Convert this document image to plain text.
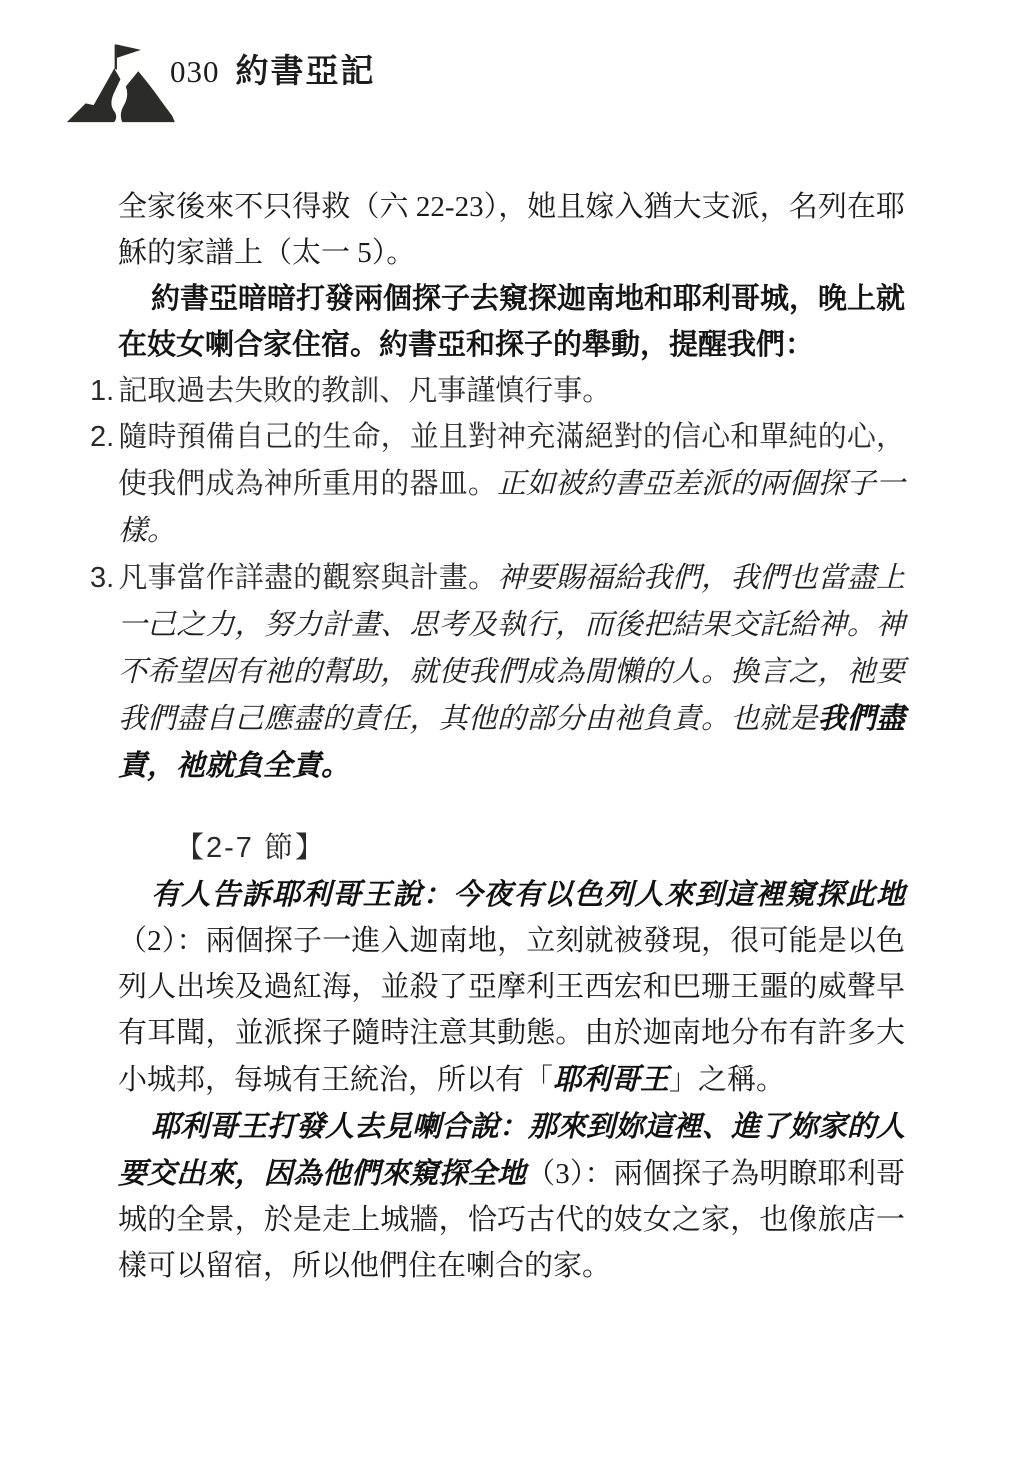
030 約書亞記

全家後來不只得救（六 22-23），她且嫁入猶大支派，名列在耶穌的家譜上（太一 5）。

約書亞暗暗打發兩個探子去窺探迦南地和耶利哥城，晚上就在妓女喇合家住宿。約書亞和探子的舉動，提醒我們：

1. 記取過去失敗的教訓、凡事謹慎行事。
2. 隨時預備自己的生命，並且對神充滿絕對的信心和單純的心，使我們成為神所重用的器皿。正如被約書亞差派的兩個探子一樣。
3. 凡事當作詳盡的觀察與計畫。神要賜福給我們，我們也當盡上一己之力，努力計畫、思考及執行，而後把結果交託給神。神不希望因有祂的幫助，就使我們成為閒懶的人。換言之，祂要我們盡自己應盡的責任，其他的部分由祂負責。也就是我們盡責，祂就負全責。
【2-7 節】

有人告訴耶利哥王說：今夜有以色列人來到這裡窺探此地（2）：兩個探子一進入迦南地，立刻就被發現，很可能是以色列人出埃及過紅海，並殺了亞摩利王西宏和巴珊王噩的威聲早有耳聞，並派探子隨時注意其動態。由於迦南地分布有許多大小城邦，每城有王統治，所以有「耶利哥王」之稱。

耶利哥王打發人去見喇合說：那來到妳這裡、進了妳家的人要交出來，因為他們來窺探全地（3）：兩個探子為明瞭耶利哥城的全景，於是走上城牆，恰巧古代的妓女之家，也像旅店一樣可以留宿，所以他們住在喇合的家。
